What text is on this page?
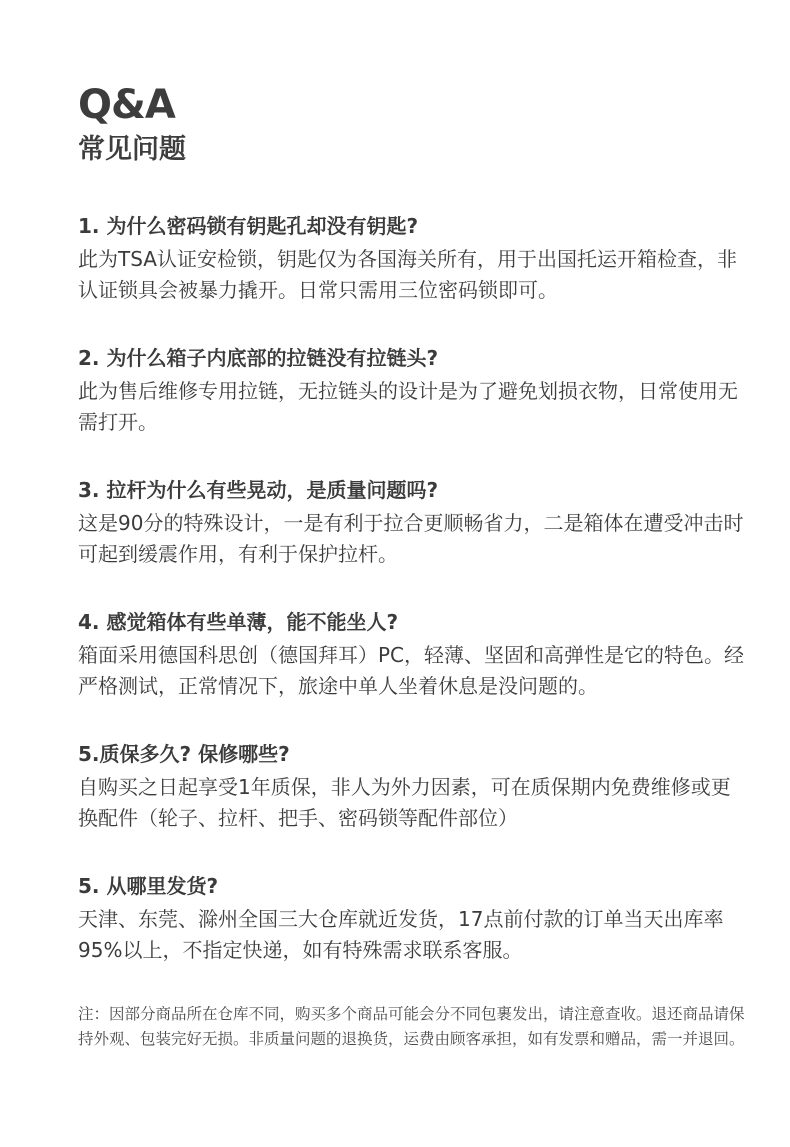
Q&A
常见问题
1. 为什么密码锁有钥匙孔却没有钥匙?
此为TSA认证安检锁，钥匙仅为各国海关所有，用于出国托运开箱检查，非认证锁具会被暴力撬开。日常只需用三位密码锁即可。
2. 为什么箱子内底部的拉链没有拉链头?
此为售后维修专用拉链，无拉链头的设计是为了避免划损衣物，日常使用无需打开。
3. 拉杆为什么有些晃动，是质量问题吗?
这是90分的特殊设计，一是有利于拉合更顺畅省力，二是箱体在遭受冲击时可起到缓震作用，有利于保护拉杆。
4. 感觉箱体有些单薄，能不能坐人?
箱面采用德国科思创（德国拜耳）PC，轻薄、坚固和高弹性是它的特色。经严格测试，正常情况下，旅途中单人坐着休息是没问题的。
5.质保多久? 保修哪些?
自购买之日起享受1年质保，非人为外力因素，可在质保期内免费维修或更换配件（轮子、拉杆、把手、密码锁等配件部位）
5. 从哪里发货?
天津、东莞、滁州全国三大仓库就近发货，17点前付款的订单当天出库率95%以上，不指定快递，如有特殊需求联系客服。
注：因部分商品所在仓库不同，购买多个商品可能会分不同包裹发出，请注意查收。退还商品请保持外观、包装完好无损。非质量问题的退换货，运费由顾客承担，如有发票和赠品，需一并退回。
